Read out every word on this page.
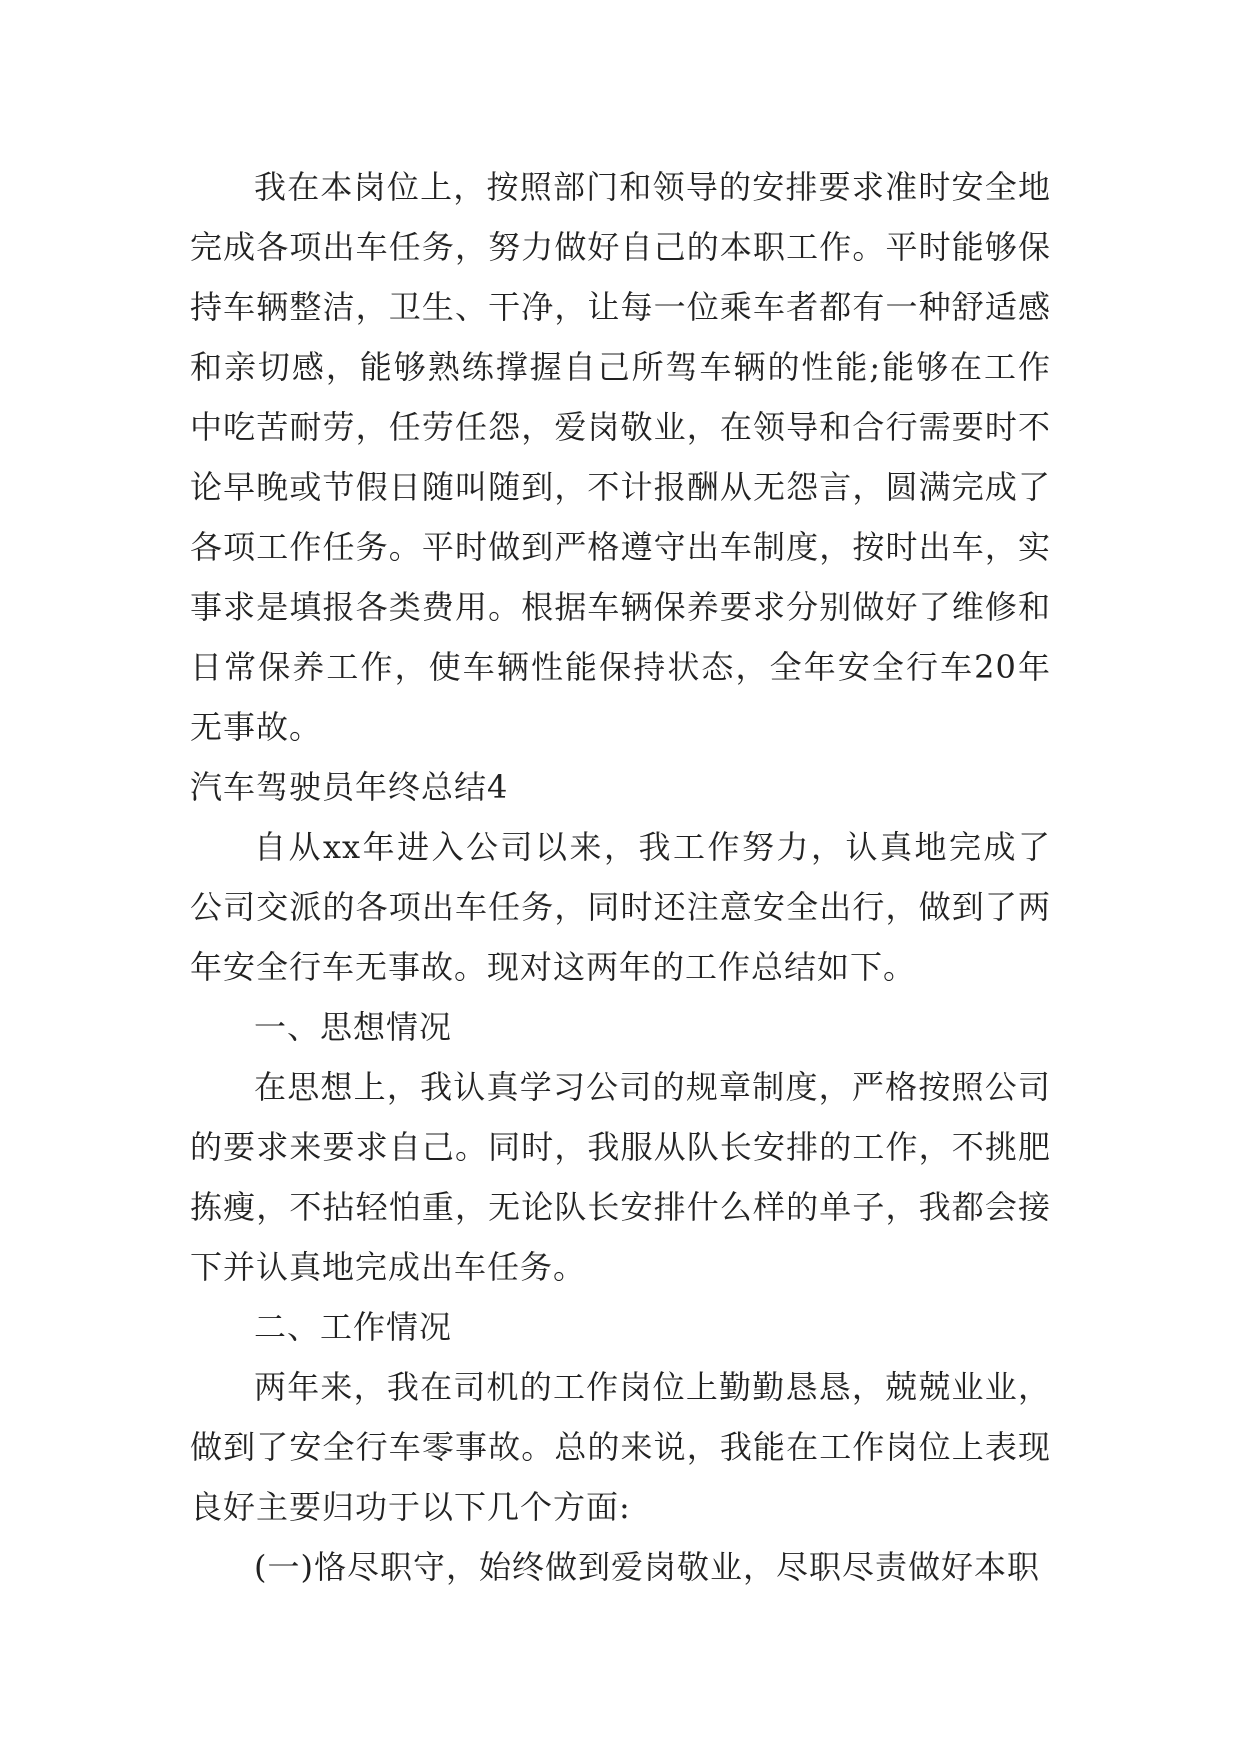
我在本岗位上，按照部门和领导的安排要求准时安全地完成各项出车任务，努力做好自己的本职工作。平时能够保持车辆整洁，卫生、干净，让每一位乘车者都有一种舒适感和亲切感，能够熟练撑握自己所驾车辆的性能;能够在工作中吃苦耐劳，任劳任怨，爱岗敬业，在领导和合行需要时不论早晚或节假日随叫随到，不计报酬从无怨言，圆满完成了各项工作任务。平时做到严格遵守出车制度，按时出车，实事求是填报各类费用。根据车辆保养要求分别做好了维修和日常保养工作，使车辆性能保持状态，全年安全行车20年无事故。

汽车驾驶员年终总结4

自从xx年进入公司以来，我工作努力，认真地完成了公司交派的各项出车任务，同时还注意安全出行，做到了两年安全行车无事故。现对这两年的工作总结如下。

一、思想情况

在思想上，我认真学习公司的规章制度，严格按照公司的要求来要求自己。同时，我服从队长安排的工作，不挑肥拣瘦，不拈轻怕重，无论队长安排什么样的单子，我都会接下并认真地完成出车任务。

二、工作情况

两年来，我在司机的工作岗位上勤勤恳恳，兢兢业业，做到了安全行车零事故。总的来说，我能在工作岗位上表现良好主要归功于以下几个方面:

(一)恪尽职守，始终做到爱岗敬业，尽职尽责做好本职
